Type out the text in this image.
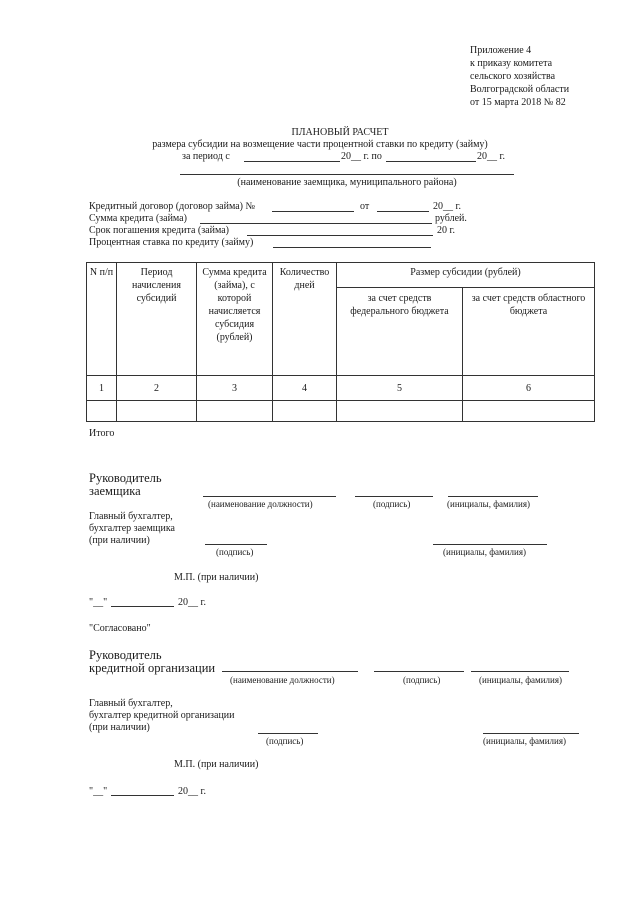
Приложение 4
к приказу комитета
сельского хозяйства
Волгоградской области
от 15 марта 2018 № 82
ПЛАНОВЫЙ РАСЧЕТ
размера субсидии на возмещение части процентной ставки по кредиту (займу)
за период с	20__ г. по	20__ г.
(наименование заемщика, муниципального района)
Кредитный договор (договор займа) №	от	20__ г.
Сумма кредита (займа)	рублей.
Срок погашения кредита (займа)	20 г.
Процентная ставка по кредиту (займу)
N п/п	Период начисления субсидий	Сумма кредита (займа), с которой начисляется субсидия (рублей)	Количество дней	Размер субсидии (рублей)	
				за счет средств федерального бюджета	за счет средств областного бюджета
1	2	3	4	5	6

Итого
Руководитель
заемщика
(наименование должности)	(подпись)	(инициалы, фамилия)
Главный бухгалтер,
бухгалтер заемщика
(при наличии)
(подпись)	(инициалы, фамилия)
М.П. (при наличии)
"__"	20__ г.
"Согласовано"
Руководитель
кредитной организации
(наименование должности)	(подпись)	(инициалы, фамилия)
Главный бухгалтер,
бухгалтер кредитной организации
(при наличии)
(подпись)	(инициалы, фамилия)
М.П. (при наличии)
"__"	20__ г.
